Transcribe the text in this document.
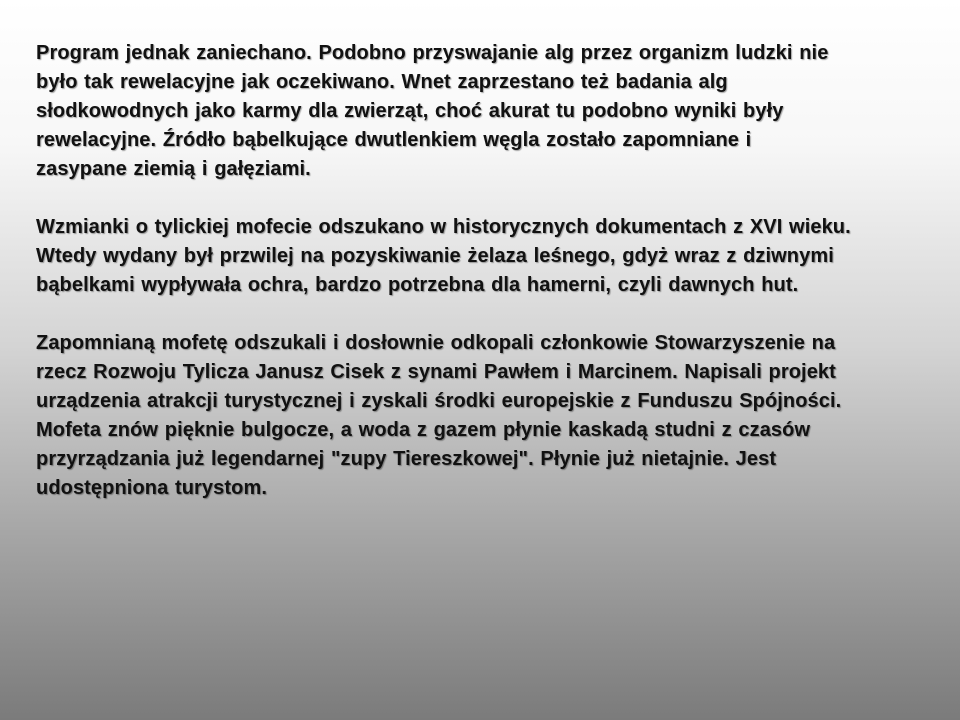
Program jednak zaniechano. Podobno przyswajanie alg przez organizm ludzki nie
było tak rewelacyjne jak oczekiwano. Wnet zaprzestano też badania alg
słodkowodnych jako karmy dla zwierząt, choć akurat tu podobno wyniki były
rewelacyjne. Źródło bąbelkujące dwutlenkiem węgla zostało zapomniane i
zasypane ziemią i gałęziami.

Wzmianki o tylickiej mofecie odszukano w historycznych dokumentach z XVI wieku.
Wtedy wydany był przwilej na pozyskiwanie żelaza leśnego, gdyż wraz z dziwnymi
bąbelkami wypływała ochra, bardzo potrzebna dla hamerni, czyli dawnych hut.

Zapomnianą mofetę odszukali i dosłownie odkopali członkowie Stowarzyszenie na
rzecz Rozwoju Tylicza Janusz Cisek z synami Pawłem i Marcinem. Napisali projekt
urządzenia atrakcji turystycznej i zyskali środki europejskie z Funduszu Spójności.
Mofeta znów pięknie bulgocze, a woda z gazem płynie kaskadą studni z czasów
przyrządzania już legendarnej "zupy Tiereszkowej". Płynie już nietajnie. Jest
udostępniona turystom.
